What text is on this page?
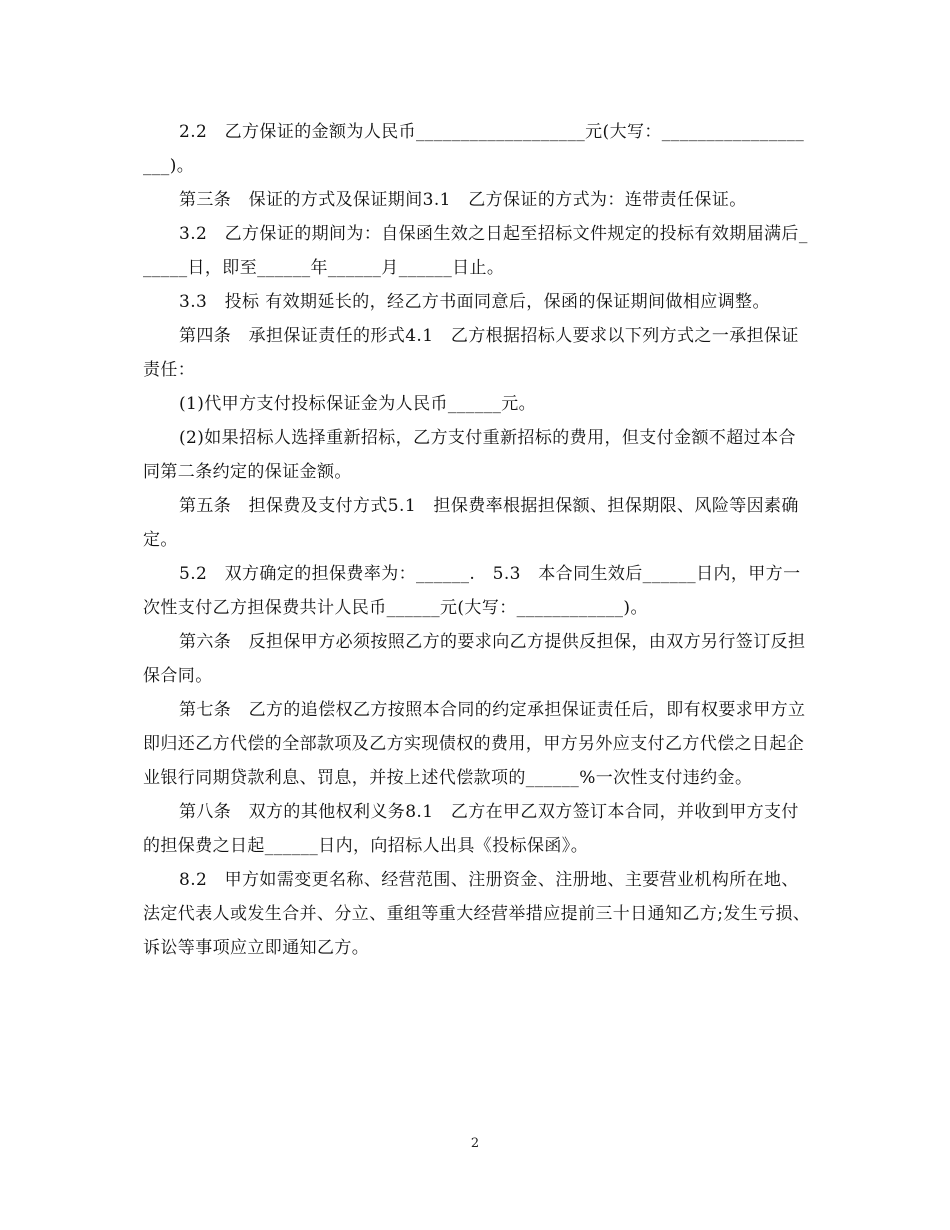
2.2　乙方保证的金额为人民币___________________元(大写：___________________)。

第三条　保证的方式及保证期间3.1　乙方保证的方式为：连带责任保证。

3.2　乙方保证的期间为：自保函生效之日起至招标文件规定的投标有效期届满后______日，即至______年______月______日止。

3.3　投标 有效期延长的，经乙方书面同意后，保函的保证期间做相应调整。

第四条　承担保证责任的形式4.1　乙方根据招标人要求以下列方式之一承担保证责任：

(1)代甲方支付投标保证金为人民币______元。

(2)如果招标人选择重新招标，乙方支付重新招标的费用，但支付金额不超过本合同第二条约定的保证金额。

第五条　担保费及支付方式5.1　担保费率根据担保额、担保期限、风险等因素确定。

5.2　双方确定的担保费率为：______.　5.3　本合同生效后______日内，甲方一次性支付乙方担保费共计人民币______元(大写：____________)。

第六条　反担保甲方必须按照乙方的要求向乙方提供反担保，由双方另行签订反担保合同。

第七条　乙方的追偿权乙方按照本合同的约定承担保证责任后，即有权要求甲方立即归还乙方代偿的全部款项及乙方实现债权的费用，甲方另外应支付乙方代偿之日起企业银行同期贷款利息、罚息，并按上述代偿款项的______%一次性支付违约金。

第八条　双方的其他权利义务8.1　乙方在甲乙双方签订本合同，并收到甲方支付的担保费之日起______日内，向招标人出具《投标保函》。

8.2　甲方如需变更名称、经营范围、注册资金、注册地、主要营业机构所在地、法定代表人或发生合并、分立、重组等重大经营举措应提前三十日通知乙方;发生亏损、诉讼等事项应立即通知乙方。

2
